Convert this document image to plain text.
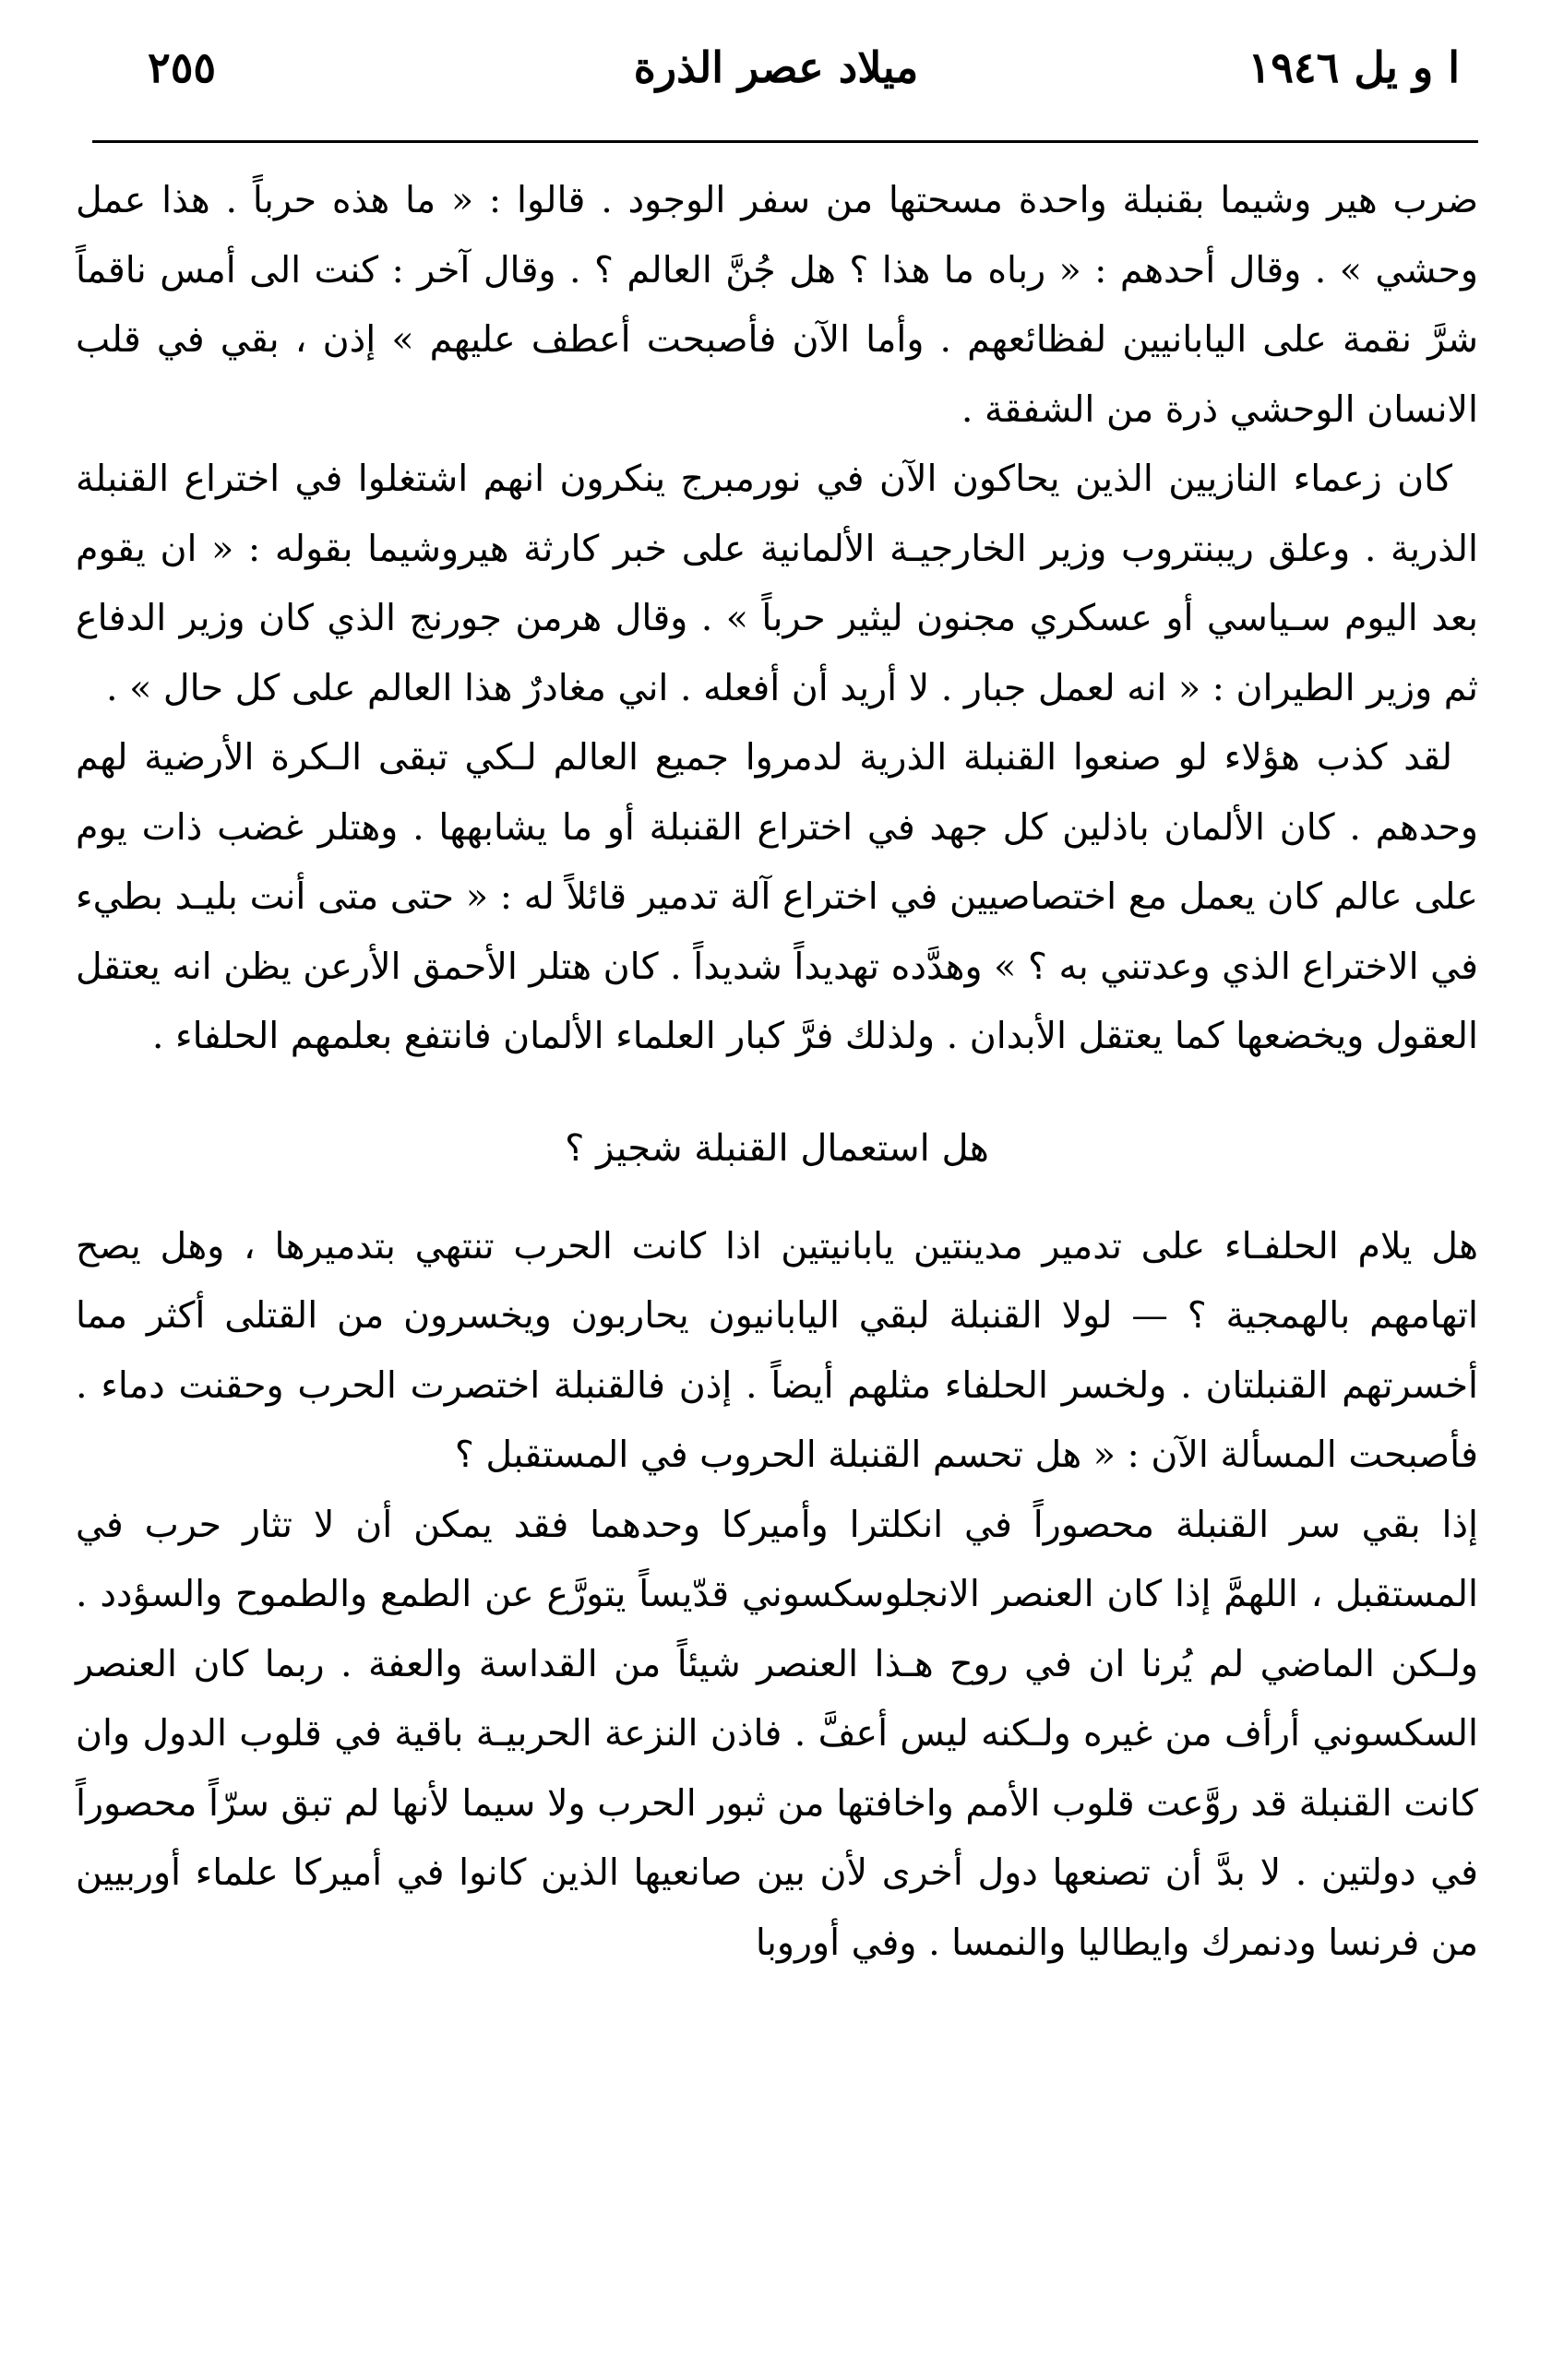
ا و يل ١٩٤٦
ميلاد عصر الذرة
٢٥٥

ضرب هير وشيما بقنبلة واحدة مسحتها من سفر الوجود . قالوا : « ما هذه حرباً . هذا عمل وحشي » . وقال أحدهم : « رباه ما هذا ؟ هل جُنَّ العالم ؟ . وقال آخر : كنت الى أمس ناقماً شرَّ نقمة على اليابانيين لفظائعهم . وأما الآن فأصبحت أعطف عليهم » إذن ، بقي في قلب الانسان الوحشي ذرة من الشفقة .

كان زعماء النازيين الذين يحاكون الآن في نورمبرج ينكرون انهم اشتغلوا في اختراع القنبلة الذرية . وعلق ريبنتروب وزير الخارجيـة الألمانية على خبر كارثة هيروشيما بقوله : « ان يقوم بعد اليوم سـياسي أو عسكري مجنون ليثير حرباً » . وقال هرمن جورنج الذي كان وزير الدفاع ثم وزير الطيران : « انه لعمل جبار . لا أريد أن أفعله . اني مغادرٌ هذا العالم على كل حال » .

لقد كذب هؤلاء لو صنعوا القنبلة الذرية لدمروا جميع العالم لـكي تبقى الـكرة الأرضية لهم وحدهم . كان الألمان باذلين كل جهد في اختراع القنبلة أو ما يشابهها . وهتلر غضب ذات يوم على عالم كان يعمل مع اختصاصيين في اختراع آلة تدمير قائلاً له : « حتى متى أنت بليـد بطيء في الاختراع الذي وعدتني به ؟ » وهدَّده تهديداً شديداً . كان هتلر الأحمق الأرعن يظن انه يعتقل العقول ويخضعها كما يعتقل الأبدان . ولذلك فرَّ كبار العلماء الألمان فانتفع بعلمهم الحلفاء .

هل استعمال القنبلة شجيز ؟

هل يلام الحلفـاء على تدمير مدينتين يابانيتين اذا كانت الحرب تنتهي بتدميرها ، وهل يصح اتهامهم بالهمجية ؟ — لولا القنبلة لبقي اليابانيون يحاربون ويخسرون من القتلى أكثر مما أخسرتهم القنبلتان . ولخسر الحلفاء مثلهم أيضاً . إذن فالقنبلة اختصرت الحرب وحقنت دماء . فأصبحت المسألة الآن : « هل تحسم القنبلة الحروب في المستقبل ؟

إذا بقي سر القنبلة محصوراً في انكلترا وأميركا وحدهما فقد يمكن أن لا تثار حرب في المستقبل ، اللهمَّ إذا كان العنصر الانجلوسكسوني قدّيساً يتورَّع عن الطمع والطموح والسؤدد . ولـكن الماضي لم يُرنا ان في روح هـذا العنصر شيئاً من القداسة والعفة . ربما كان العنصر السكسوني أرأف من غيره ولـكنه ليس أعفَّ . فاذن النزعة الحربيـة باقية في قلوب الدول وان كانت القنبلة قد روَّعت قلوب الأمم واخافتها من ثبور الحرب ولا سيما لأنها لم تبق سرّاً محصوراً في دولتين . لا بدَّ أن تصنعها دول أخرى لأن بين صانعيها الذين كانوا في أميركا علماء أوربيين من فرنسا ودنمرك وايطاليا والنمسا . وفي أوروبا
